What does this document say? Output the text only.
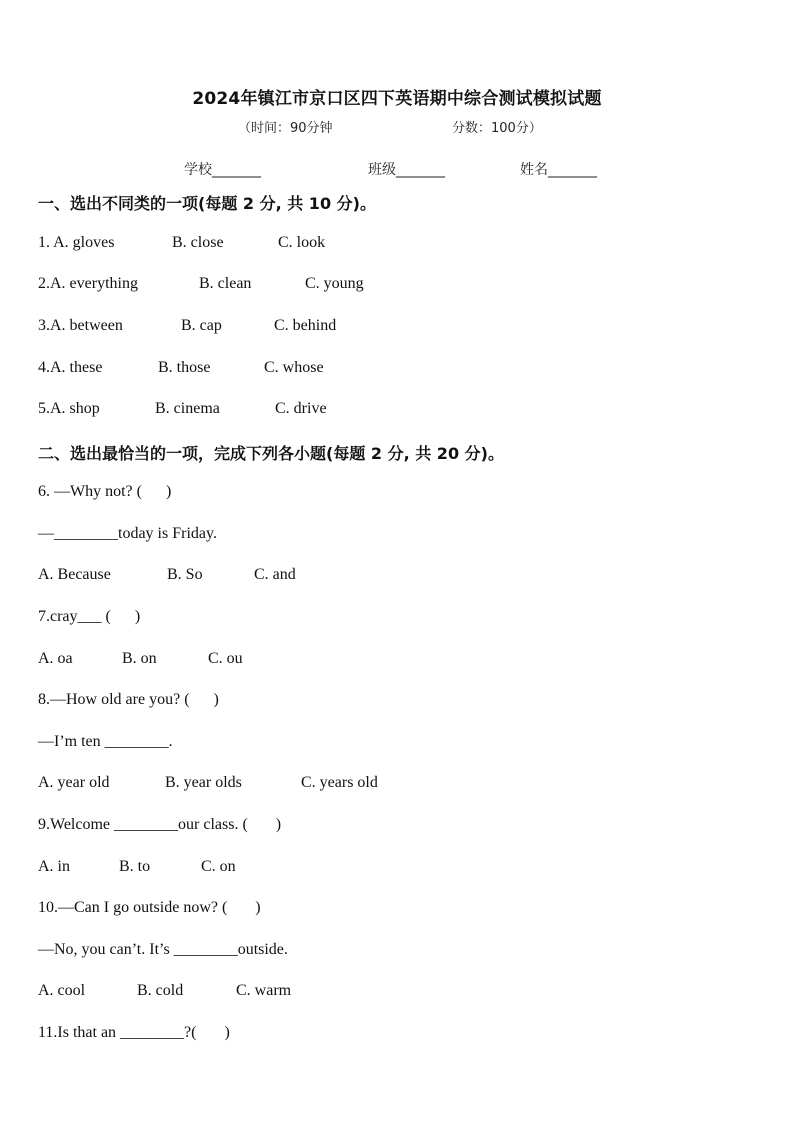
2024年镇江市京口区四下英语期中综合测试模拟试题
（时间：90分钟	分数：100分）
学校_______	班级_______	姓名_______
一、选出不同类的一项(每题 2 分, 共 10 分)。
1. A. gloves	B. close	C. look
2.A. everything	B. clean	C. young
3.A. between	B. cap	C. behind
4.A. these	B. those	C. whose
5.A. shop	B. cinema	C. drive
二、选出最恰当的一项，完成下列各小题(每题 2 分, 共 20 分)。
6. —Why not? (      )
—________today is Friday.
A. Because	B. So	C. and
7.cray___ (      )
A. oa	B. on	C. ou
8.—How old are you? (      )
—I’m ten ________.
A. year old	B. year olds	C. years old
9.Welcome ________our class. (       )
A. in	B. to	C. on
10.—Can I go outside now? (       )
—No, you can’t. It’s ________outside.
A. cool	B. cold	C. warm
11.Is that an ________?(       )
